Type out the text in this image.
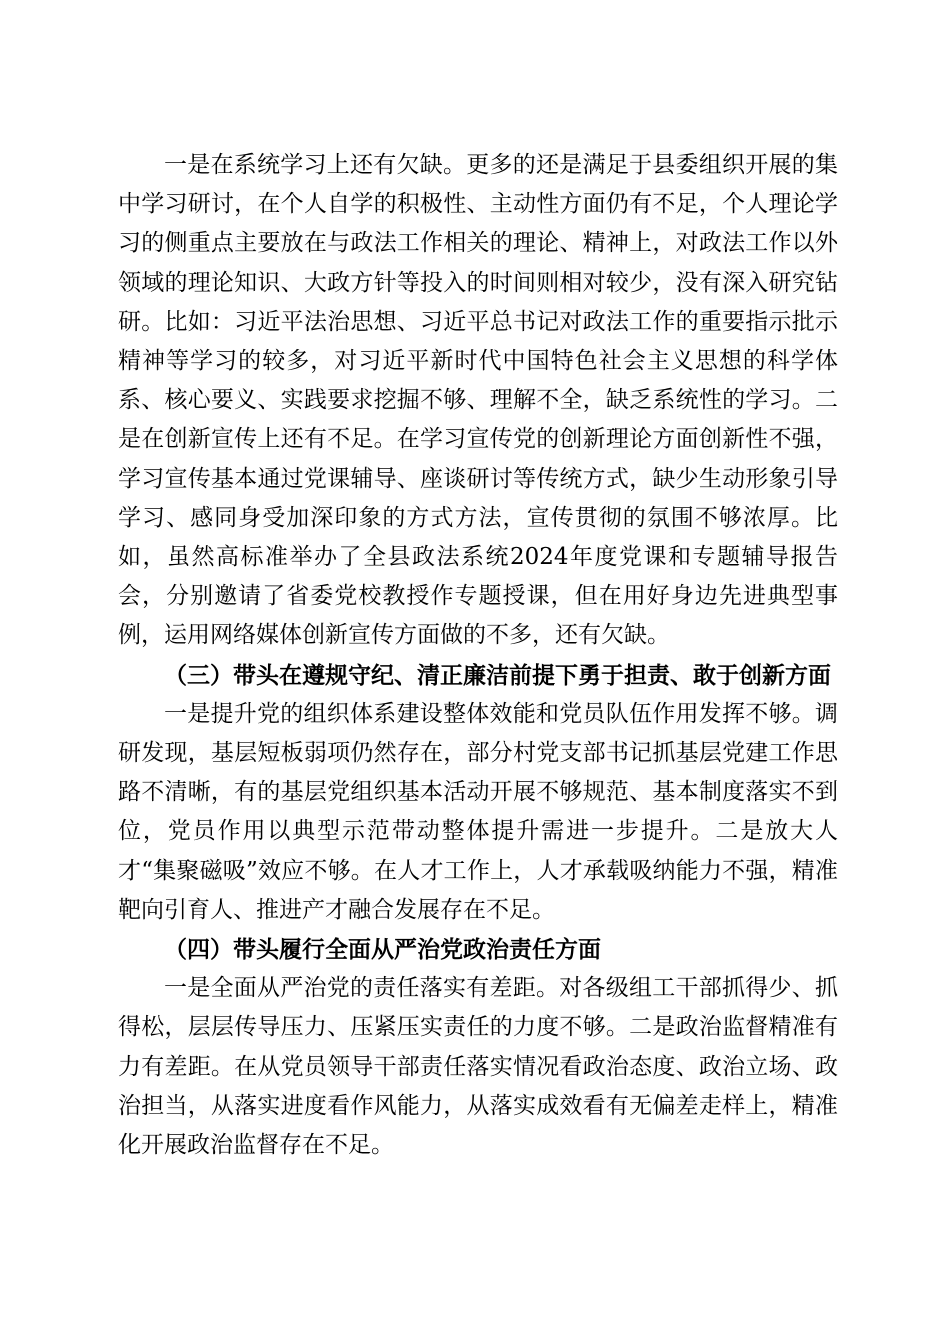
一是在系统学习上还有欠缺。更多的还是满足于县委组织开展的集中学习研讨，在个人自学的积极性、主动性方面仍有不足，个人理论学习的侧重点主要放在与政法工作相关的理论、精神上，对政法工作以外领域的理论知识、大政方针等投入的时间则相对较少，没有深入研究钻研。比如：习近平法治思想、习近平总书记对政法工作的重要指示批示精神等学习的较多，对习近平新时代中国特色社会主义思想的科学体系、核心要义、实践要求挖掘不够、理解不全，缺乏系统性的学习。二是在创新宣传上还有不足。在学习宣传党的创新理论方面创新性不强，学习宣传基本通过党课辅导、座谈研讨等传统方式，缺少生动形象引导学习、感同身受加深印象的方式方法，宣传贯彻的氛围不够浓厚。比如，虽然高标准举办了全县政法系统2024年度党课和专题辅导报告会，分别邀请了省委党校教授作专题授课，但在用好身边先进典型事例，运用网络媒体创新宣传方面做的不多，还有欠缺。

（三）带头在遵规守纪、清正廉洁前提下勇于担责、敢于创新方面

一是提升党的组织体系建设整体效能和党员队伍作用发挥不够。调研发现，基层短板弱项仍然存在，部分村党支部书记抓基层党建工作思路不清晰，有的基层党组织基本活动开展不够规范、基本制度落实不到位，党员作用以典型示范带动整体提升需进一步提升。二是放大人才“集聚磁吸”效应不够。在人才工作上，人才承载吸纳能力不强，精准靶向引育人、推进产才融合发展存在不足。

（四）带头履行全面从严治党政治责任方面

一是全面从严治党的责任落实有差距。对各级组工干部抓得少、抓得松，层层传导压力、压紧压实责任的力度不够。二是政治监督精准有力有差距。在从党员领导干部责任落实情况看政治态度、政治立场、政治担当，从落实进度看作风能力，从落实成效看有无偏差走样上，精准化开展政治监督存在不足。
